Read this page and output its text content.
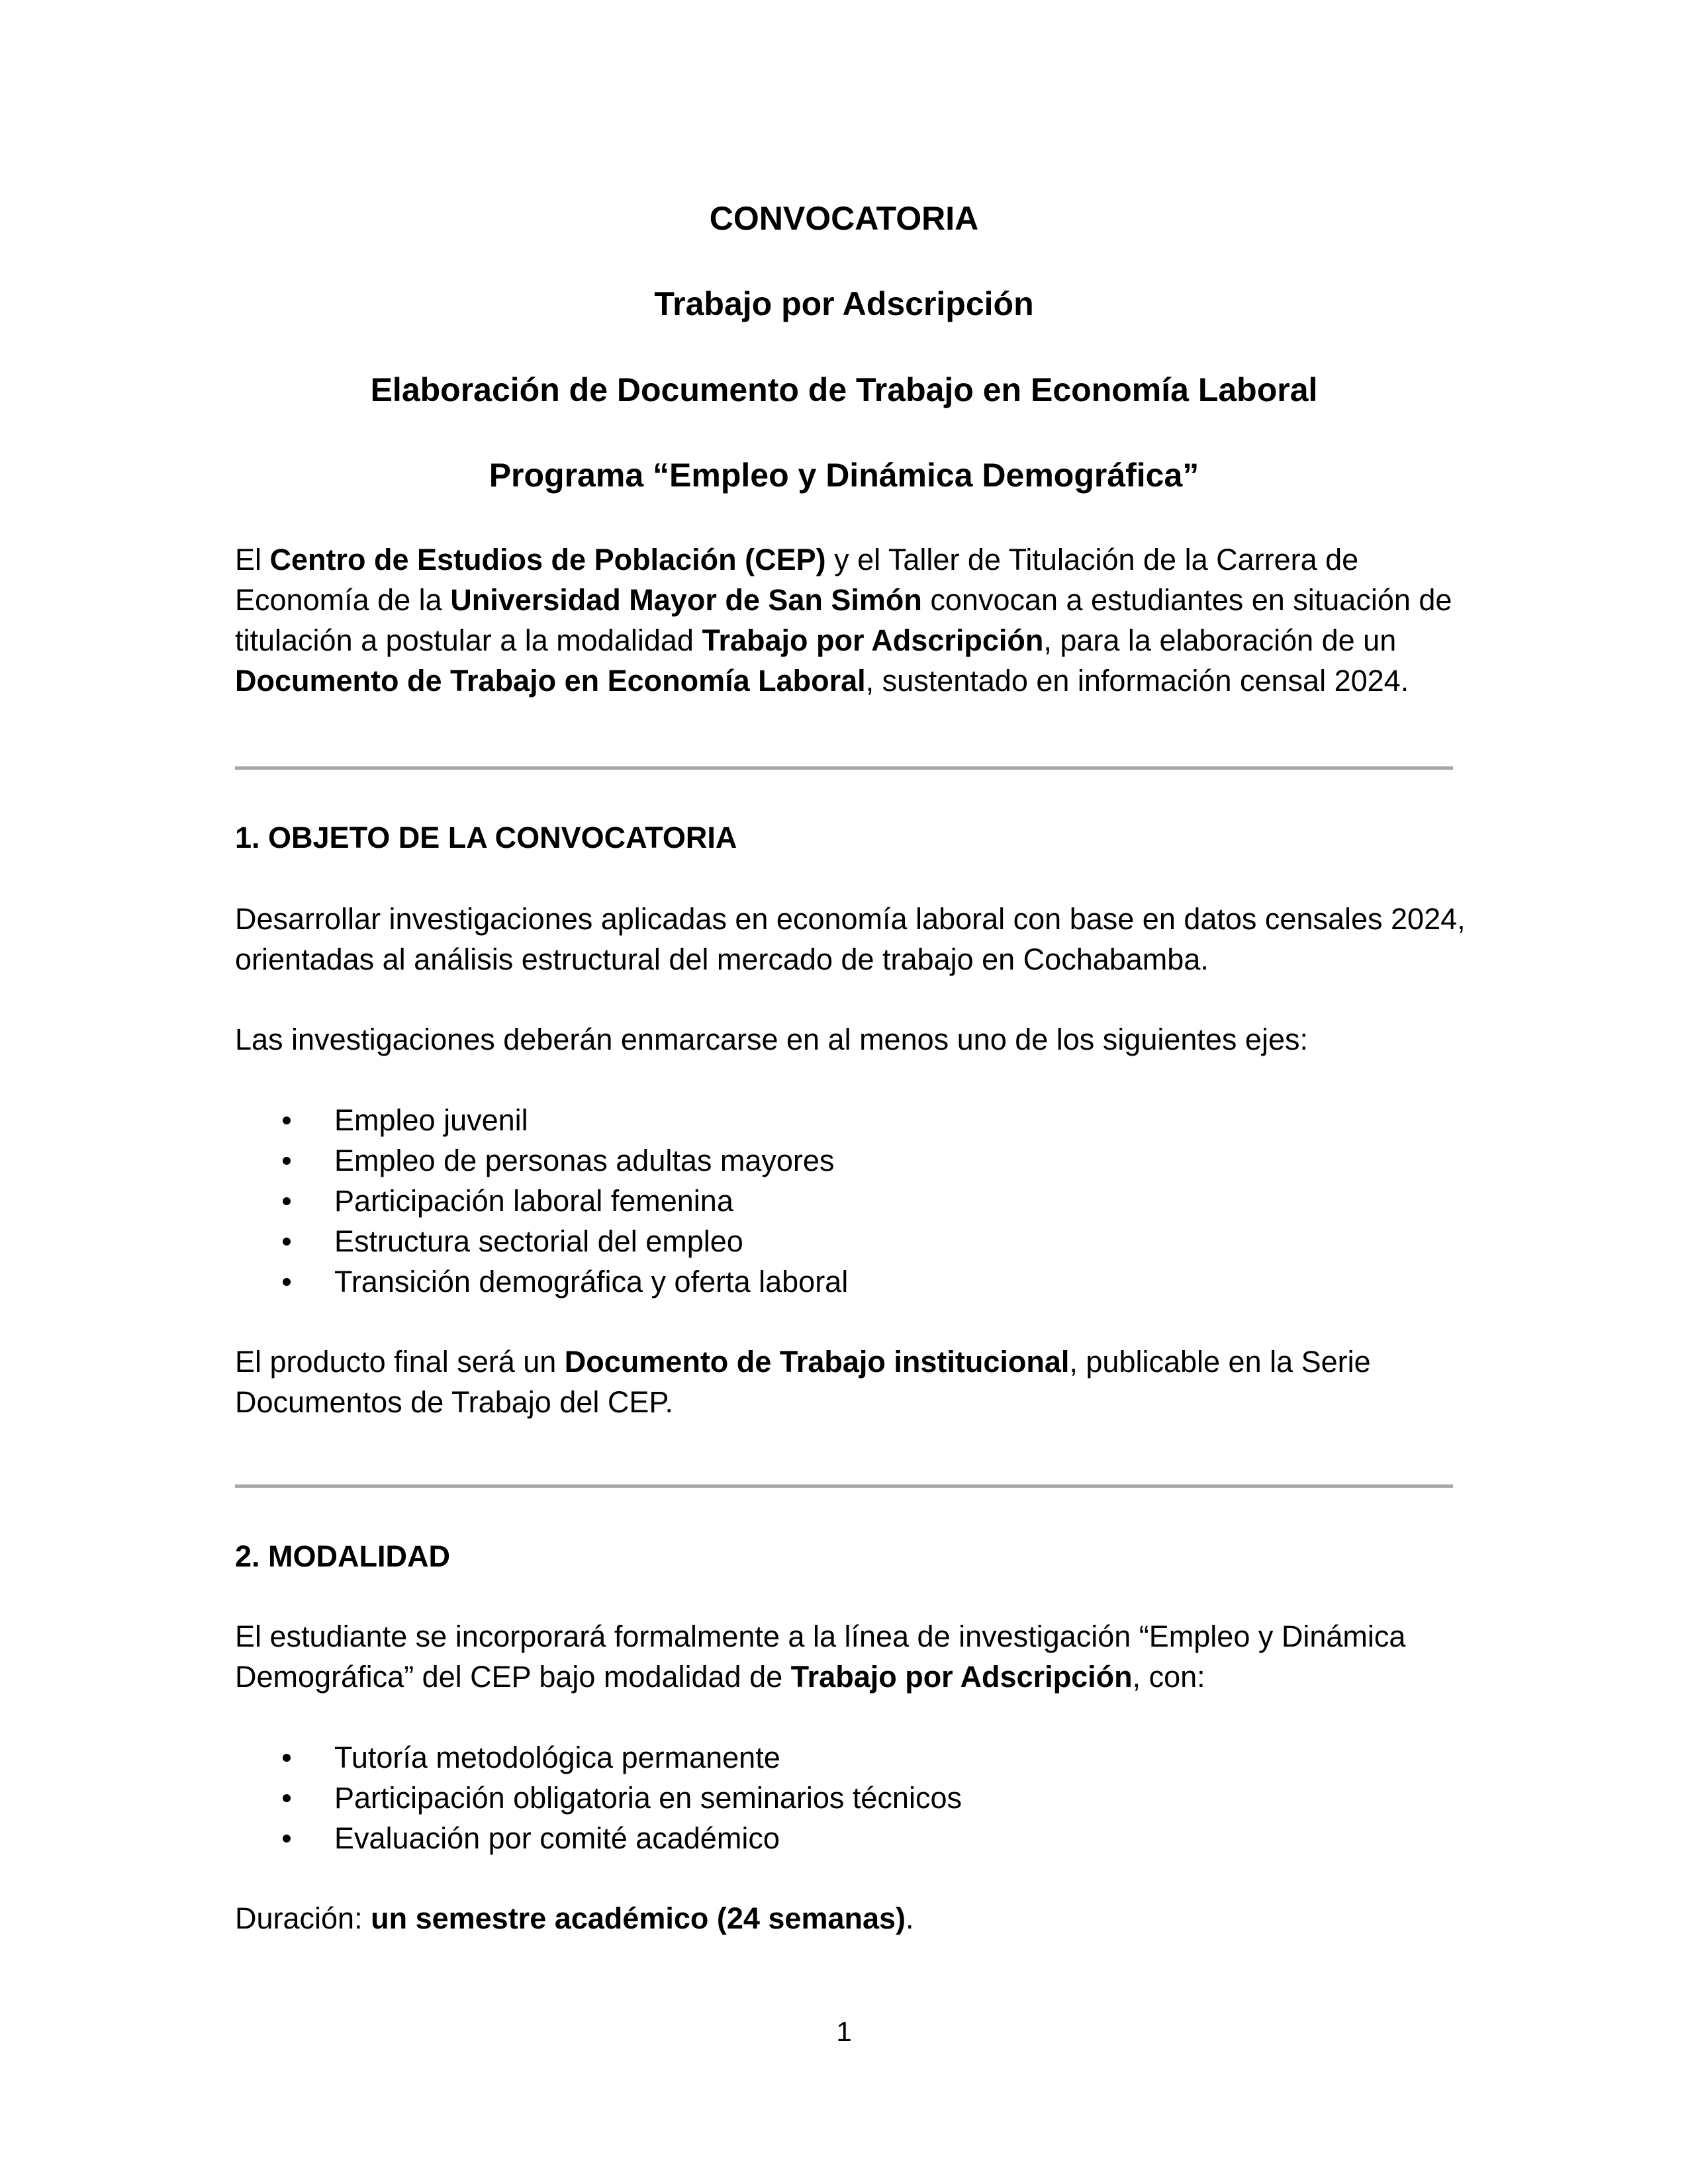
CONVOCATORIA
Trabajo por Adscripción
Elaboración de Documento de Trabajo en Economía Laboral
Programa “Empleo y Dinámica Demográfica”

El Centro de Estudios de Población (CEP) y el Taller de Titulación de la Carrera de Economía de la Universidad Mayor de San Simón convocan a estudiantes en situación de titulación a postular a la modalidad Trabajo por Adscripción, para la elaboración de un Documento de Trabajo en Economía Laboral, sustentado en información censal 2024.

1. OBJETO DE LA CONVOCATORIA
Desarrollar investigaciones aplicadas en economía laboral con base en datos censales 2024, orientadas al análisis estructural del mercado de trabajo en Cochabamba.
Las investigaciones deberán enmarcarse en al menos uno de los siguientes ejes:
Empleo juvenil
Empleo de personas adultas mayores
Participación laboral femenina
Estructura sectorial del empleo
Transición demográfica y oferta laboral

El producto final será un Documento de Trabajo institucional, publicable en la Serie Documentos de Trabajo del CEP.

2. MODALIDAD

El estudiante se incorporará formalmente a la línea de investigación “Empleo y Dinámica Demográfica” del CEP bajo modalidad de Trabajo por Adscripción, con:

Tutoría metodológica permanente
Participación obligatoria en seminarios técnicos
Evaluación por comité académico

Duración: un semestre académico (24 semanas).

1
